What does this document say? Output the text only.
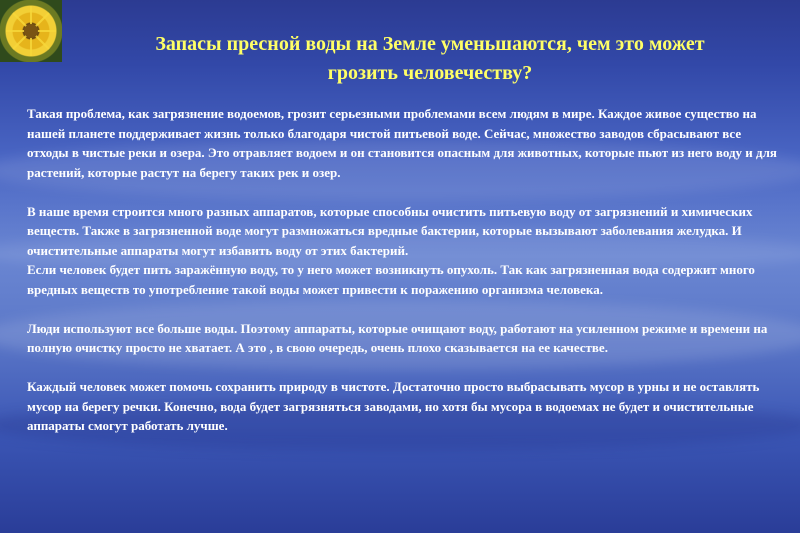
Запасы пресной воды на Земле уменьшаются, чем это может
грозить человечеству?

Такая проблема, как загрязнение водоемов, грозит серьезными проблемами всем людям в мире. Каждое живое существо на нашей планете поддерживает жизнь только благодаря чистой питьевой воде. Сейчас, множество заводов сбрасывают все отходы в чистые реки и озера. Это отравляет водоем и он становится опасным для животных, которые пьют из него воду и для растений, которые растут на берегу таких рек и озер.

В наше время строится много разных аппаратов, которые способны очистить питьевую воду от загрязнений и химических веществ. Также в загрязненной воде могут размножаться вредные бактерии, которые вызывают заболевания желудка. И очистительные аппараты могут избавить воду от этих бактерий.

Если человек будет пить заражённую воду, то у него может возникнуть опухоль. Так как загрязненная вода содержит много вредных веществ то употребление такой воды может привести к поражению организма человека.

Люди используют все больше воды. Поэтому аппараты, которые очищают воду, работают на усиленном режиме и времени на полную очистку просто не хватает. А это , в свою очередь, очень плохо сказывается на ее качестве.

Каждый человек может помочь сохранить природу в чистоте. Достаточно просто выбрасывать мусор в урны и не оставлять мусор на берегу речки. Конечно, вода будет загрязняться заводами, но хотя бы мусора в водоемах не будет и очистительные аппараты смогут работать лучше.
